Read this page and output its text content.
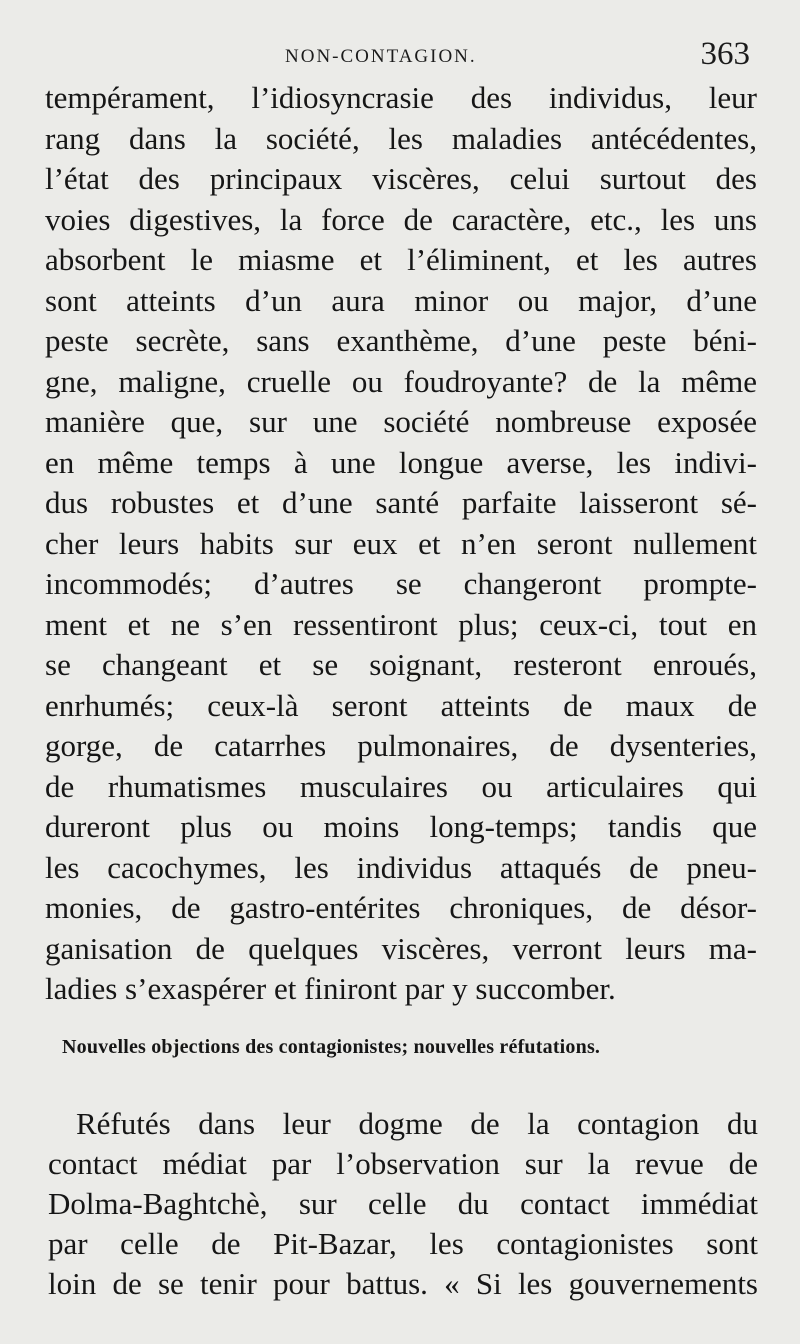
NON-CONTAGION.	363
tempérament, l’idiosyncrasie des individus, leur
rang dans la société, les maladies antécédentes,
l’état des principaux viscères, celui surtout des
voies digestives, la force de caractère, etc., les uns
absorbent le miasme et l’éliminent, et les autres
sont atteints d’un aura minor ou major, d’une
peste secrète, sans exanthème, d’une peste béni-
gne, maligne, cruelle ou foudroyante? de la même
manière que, sur une société nombreuse exposée
en même temps à une longue averse, les indivi-
dus robustes et d’une santé parfaite laisseront sé-
cher leurs habits sur eux et n’en seront nullement
incommodés; d’autres se changeront prompte-
ment et ne s’en ressentiront plus; ceux-ci, tout en
se changeant et se soignant, resteront enroués,
enrhumés; ceux-là seront atteints de maux de
gorge, de catarrhes pulmonaires, de dysenteries,
de rhumatismes musculaires ou articulaires qui
dureront plus ou moins long-temps; tandis que
les cacochymes, les individus attaqués de pneu-
monies, de gastro-entérites chroniques, de désor-
ganisation de quelques viscères, verront leurs ma-
ladies s’exaspérer et finiront par y succomber.
Nouvelles objections des contagionistes; nouvelles réfutations.
Réfutés dans leur dogme de la contagion du
contact médiat par l’observation sur la revue de
Dolma-Baghtchè, sur celle du contact immédiat
par celle de Pit-Bazar, les contagionistes sont
loin de se tenir pour battus. « Si les gouvernements
